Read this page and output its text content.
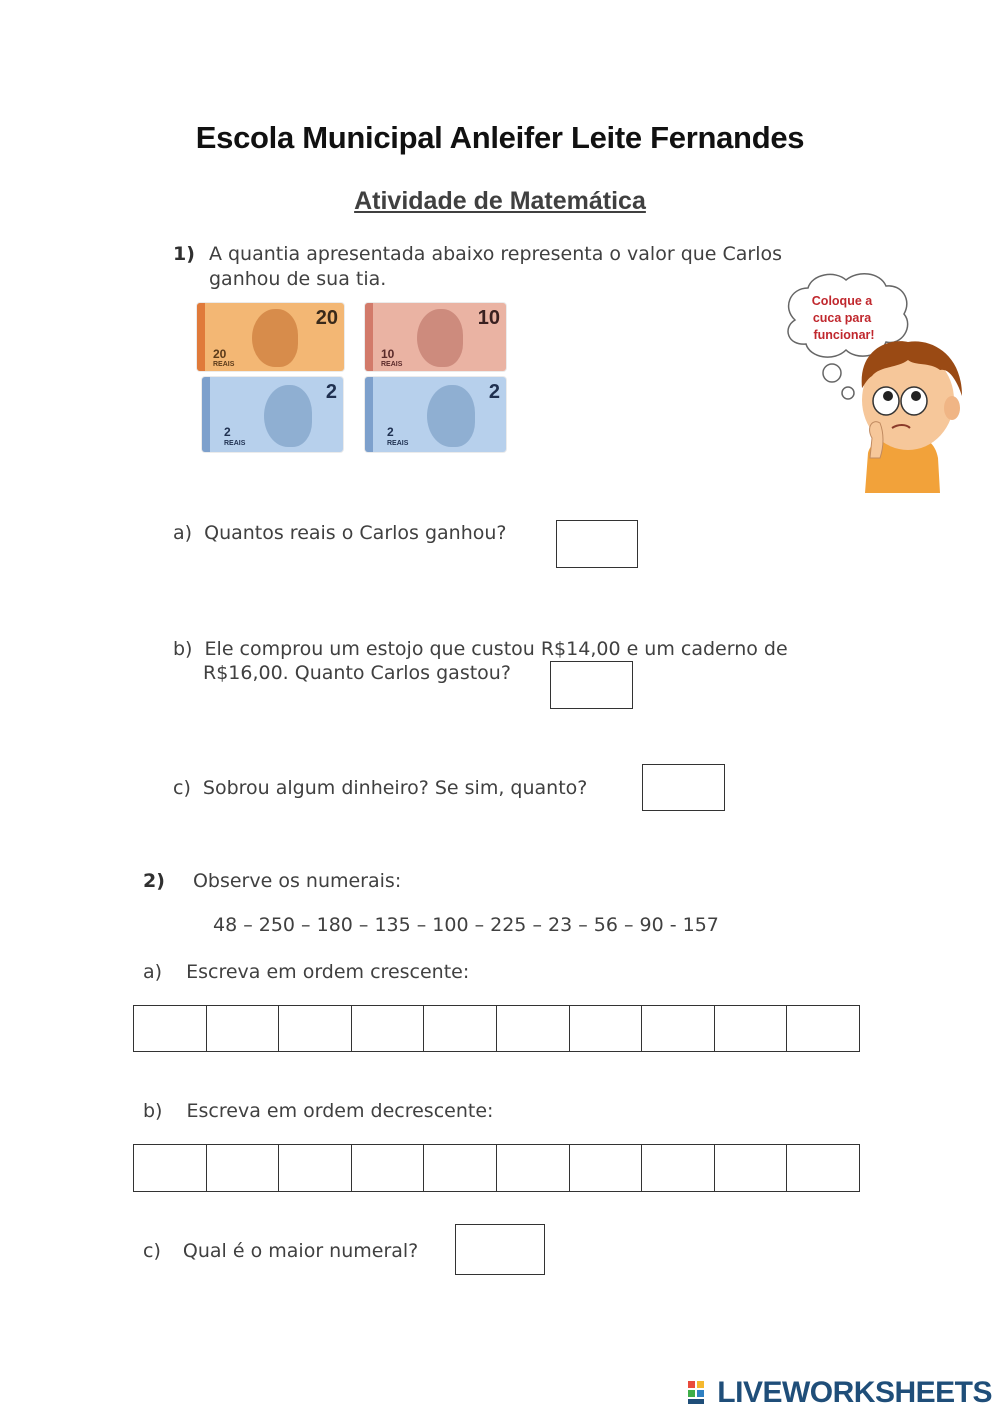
Escola Municipal Anleifer Leite Fernandes
Atividade de Matemática
1) A quantia apresentada abaixo representa o valor que Carlos
ganhou de sua tia.
20
20
REAIS
10
10
REAIS
2
2
REAIS
2
2
REAIS
Coloque a
cuca para
funcionar!
a) Quantos reais o Carlos ganhou?
b) Ele comprou um estojo que custou R$14,00 e um caderno de
R$16,00. Quanto Carlos gastou?
c) Sobrou algum dinheiro? Se sim, quanto?
2) Observe os numerais:
48 – 250 – 180 – 135 – 100 – 225 – 23 – 56 – 90 - 157
a) Escreva em ordem crescente:
b) Escreva em ordem decrescente:
c) Qual é o maior numeral?
LIVEWORKSHEETS
